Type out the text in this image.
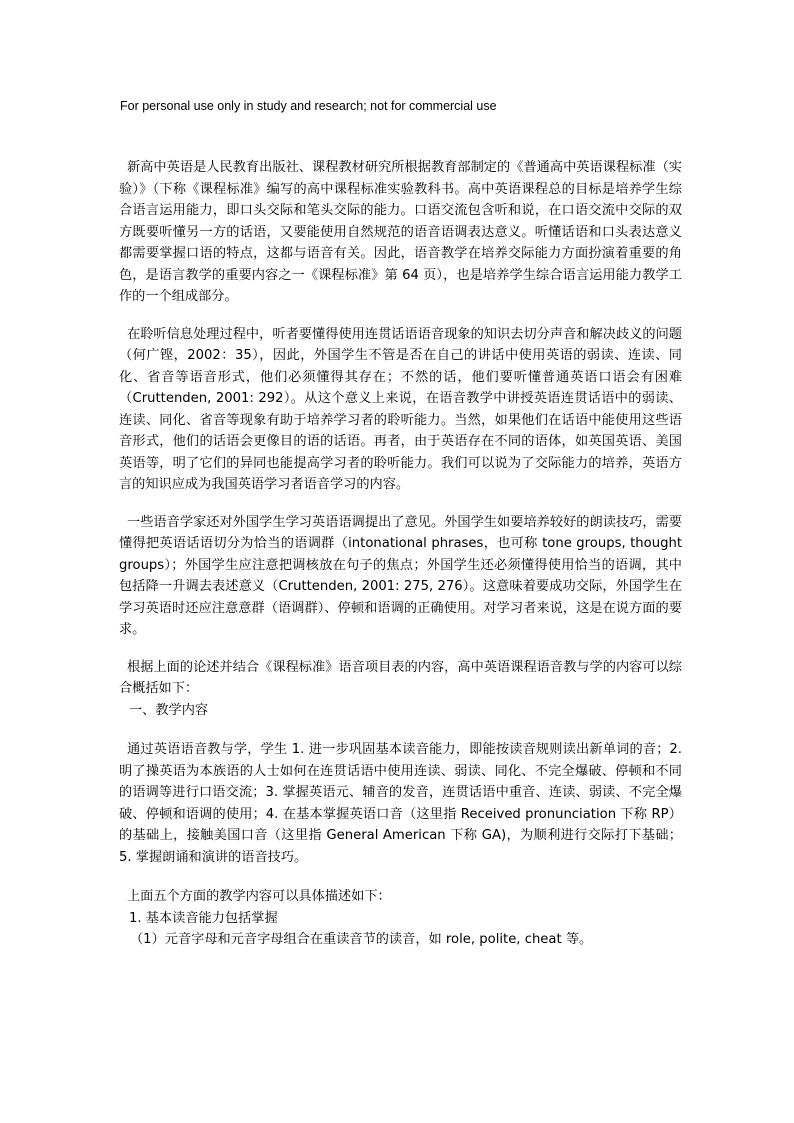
For personal use only in study and research; not for commercial use

新高中英语是人民教育出版社、课程教材研究所根据教育部制定的《普通高中英语课程标准（实验）》（下称《课程标准》编写的高中课程标准实验教科书。高中英语课程总的目标是培养学生综合语言运用能力，即口头交际和笔头交际的能力。口语交流包含听和说，在口语交流中交际的双方既要听懂另一方的话语，又要能使用自然规范的语音语调表达意义。听懂话语和口头表达意义都需要掌握口语的特点，这都与语音有关。因此，语音教学在培养交际能力方面扮演着重要的角色，是语言教学的重要内容之一《课程标准》第 64 页），也是培养学生综合语言运用能力教学工作的一个组成部分。

在聆听信息处理过程中，听者要懂得使用连贯话语语音现象的知识去切分声音和解决歧义的问题（何广铿，2002：35），因此，外国学生不管是否在自己的讲话中使用英语的弱读、连读、同化、省音等语音形式，他们必须懂得其存在；不然的话，他们要听懂普通英语口语会有困难（Cruttenden, 2001: 292）。从这个意义上来说，在语音教学中讲授英语连贯话语中的弱读、连读、同化、省音等现象有助于培养学习者的聆听能力。当然，如果他们在话语中能使用这些语音形式，他们的话语会更像目的语的话语。再者，由于英语存在不同的语体，如英国英语、美国英语等，明了它们的异同也能提高学习者的聆听能力。我们可以说为了交际能力的培养，英语方言的知识应成为我国英语学习者语音学习的内容。

一些语音学家还对外国学生学习英语语调提出了意见。外国学生如要培养较好的朗读技巧，需要懂得把英语话语切分为恰当的语调群（intonational phrases，也可称 tone groups, thought groups）；外国学生应注意把调核放在句子的焦点；外国学生还必须懂得使用恰当的语调，其中包括降一升调去表述意义（Cruttenden, 2001: 275, 276）。这意味着要成功交际，外国学生在学习英语时还应注意意群（语调群）、停顿和语调的正确使用。对学习者来说，这是在说方面的要求。

根据上面的论述并结合《课程标准》语音项目表的内容，高中英语课程语音教与学的内容可以综合概括如下：

一、教学内容

通过英语语音教与学，学生 1. 进一步巩固基本读音能力，即能按读音规则读出新单词的音；2. 明了操英语为本族语的人士如何在连贯话语中使用连读、弱读、同化、不完全爆破、停顿和不同的语调等进行口语交流；3. 掌握英语元、辅音的发音，连贯话语中重音、连读、弱读、不完全爆破、停顿和语调的使用；4. 在基本掌握英语口音（这里指 Received pronunciation 下称 RP）的基础上，接触美国口音（这里指 General American 下称 GA)，为顺利进行交际打下基础；5. 掌握朗诵和演讲的语音技巧。

上面五个方面的教学内容可以具体描述如下：

1. 基本读音能力包括掌握

（1）元音字母和元音字母组合在重读音节的读音，如 role, polite, cheat 等。
